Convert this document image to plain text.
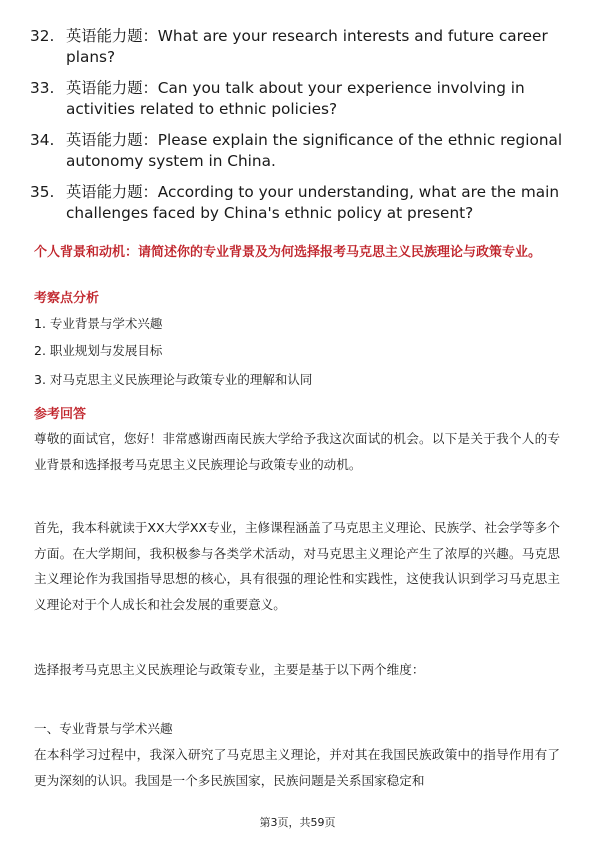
32. 英语能力题：What are your research interests and future career plans?
33. 英语能力题：Can you talk about your experience involving in activities related to ethnic policies?
34. 英语能力题：Please explain the significance of the ethnic regional autonomy system in China.
35. 英语能力题：According to your understanding, what are the main challenges faced by China's ethnic policy at present?
个人背景和动机：请简述你的专业背景及为何选择报考马克思主义民族理论与政策专业。
考察点分析
1. 专业背景与学术兴趣
2. 职业规划与发展目标
3. 对马克思主义民族理论与政策专业的理解和认同
参考回答
尊敬的面试官，您好！非常感谢西南民族大学给予我这次面试的机会。以下是关于我个人的专业背景和选择报考马克思主义民族理论与政策专业的动机。
首先，我本科就读于XX大学XX专业，主修课程涵盖了马克思主义理论、民族学、社会学等多个方面。在大学期间，我积极参与各类学术活动，对马克思主义理论产生了浓厚的兴趣。马克思主义理论作为我国指导思想的核心，具有很强的理论性和实践性，这使我认识到学习马克思主义理论对于个人成长和社会发展的重要意义。
选择报考马克思主义民族理论与政策专业，主要是基于以下两个维度：
一、专业背景与学术兴趣
在本科学习过程中，我深入研究了马克思主义理论，并对其在我国民族政策中的指导作用有了更为深刻的认识。我国是一个多民族国家，民族问题是关系国家稳定和
第3页，共59页
